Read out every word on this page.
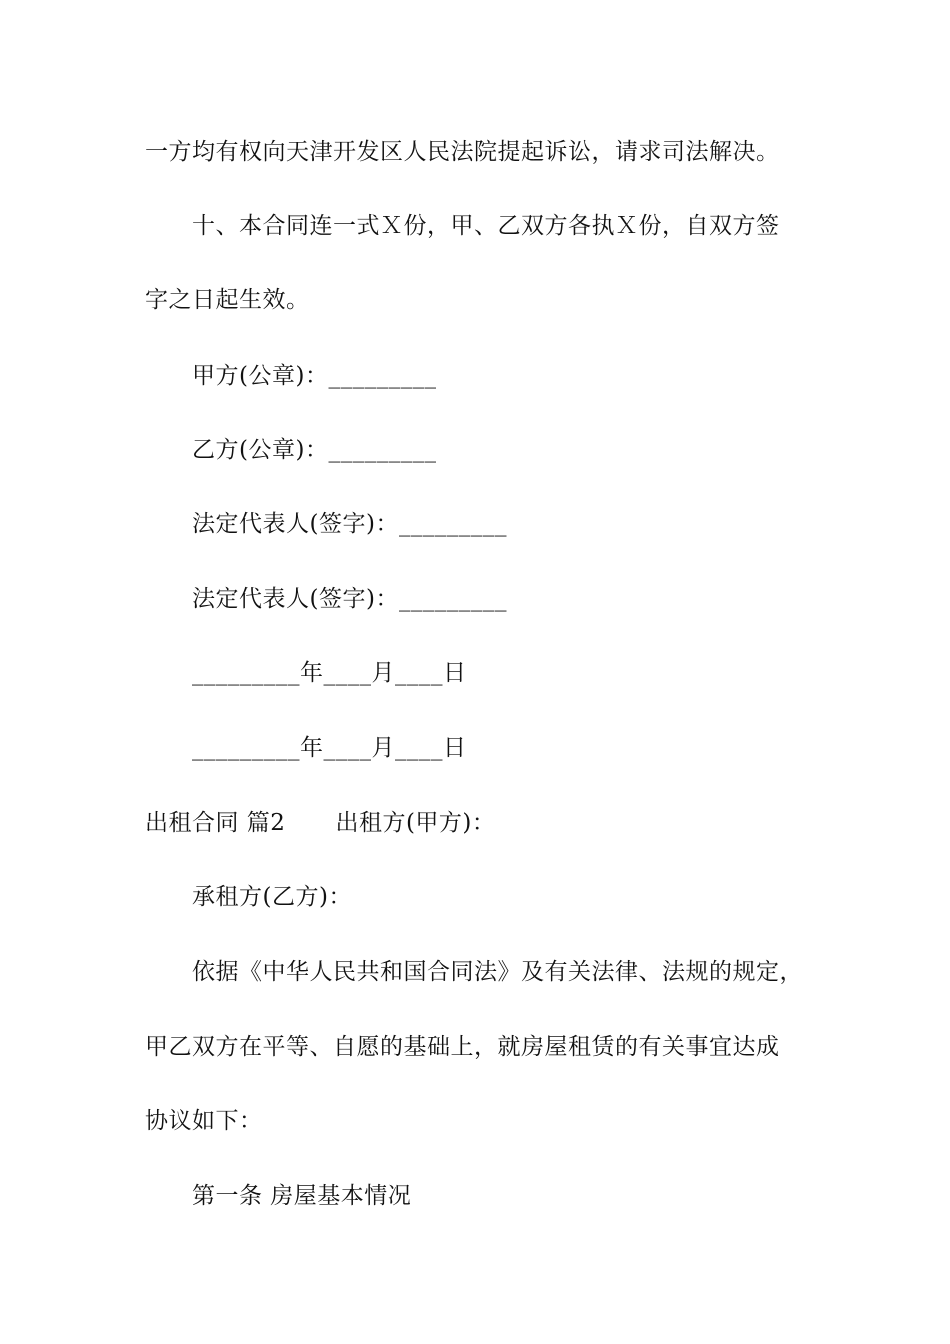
一方均有权向天津开发区人民法院提起诉讼，请求司法解决。
十、本合同连一式Ｘ份，甲、乙双方各执Ｘ份，自双方签
字之日起生效。
甲方(公章)：_________
乙方(公章)：_________
法定代表人(签字)：_________
法定代表人(签字)：_________
_________年____月____日
_________年____月____日
出租合同 篇2 出租方(甲方)：
承租方(乙方)：
依据《中华人民共和国合同法》及有关法律、法规的规定，
甲乙双方在平等、自愿的基础上，就房屋租赁的有关事宜达成
协议如下：
第一条 房屋基本情况
